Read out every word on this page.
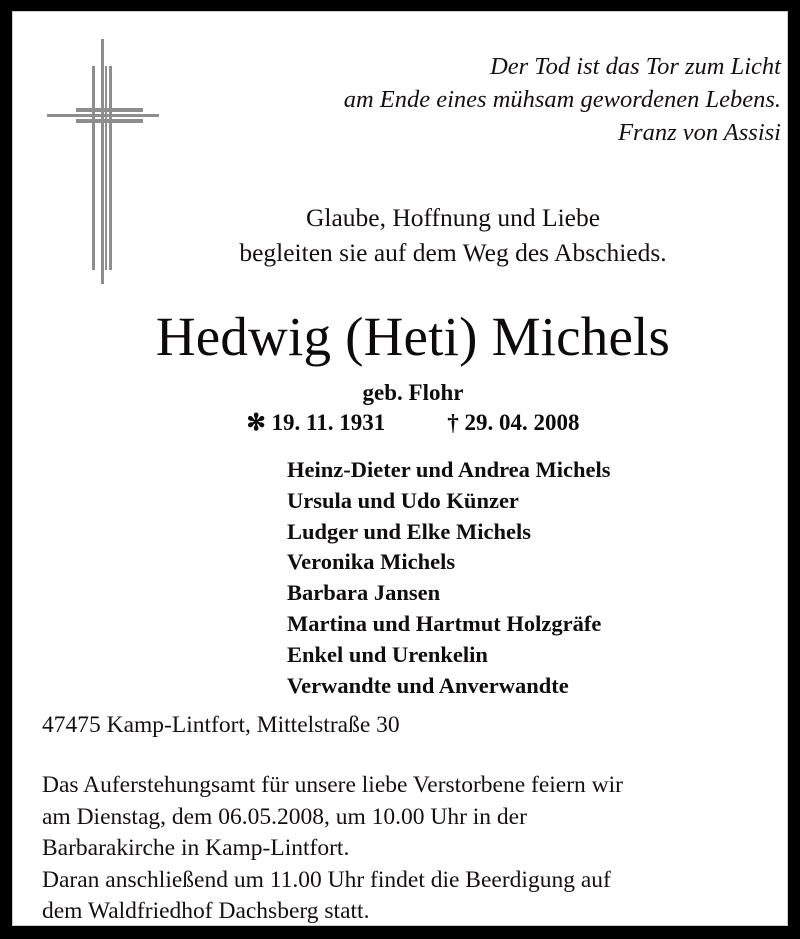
Der Tod ist das Tor zum Licht
am Ende eines mühsam gewordenen Lebens.
Franz von Assisi
Glaube, Hoffnung und Liebe
begleiten sie auf dem Weg des Abschieds.
Hedwig (Heti) Michels
geb. Flohr
✻ 19. 11. 1931	† 29. 04. 2008
Heinz-Dieter und Andrea Michels
Ursula und Udo Künzer
Ludger und Elke Michels
Veronika Michels
Barbara Jansen
Martina und Hartmut Holzgräfe
Enkel und Urenkelin
Verwandte und Anverwandte
47475 Kamp-Lintfort, Mittelstraße 30
Das Auferstehungsamt für unsere liebe Verstorbene feiern wir
am Dienstag, dem 06.05.2008, um 10.00 Uhr in der
Barbarakirche in Kamp-Lintfort.
Daran anschließend um 11.00 Uhr findet die Beerdigung auf
dem Waldfriedhof Dachsberg statt.
